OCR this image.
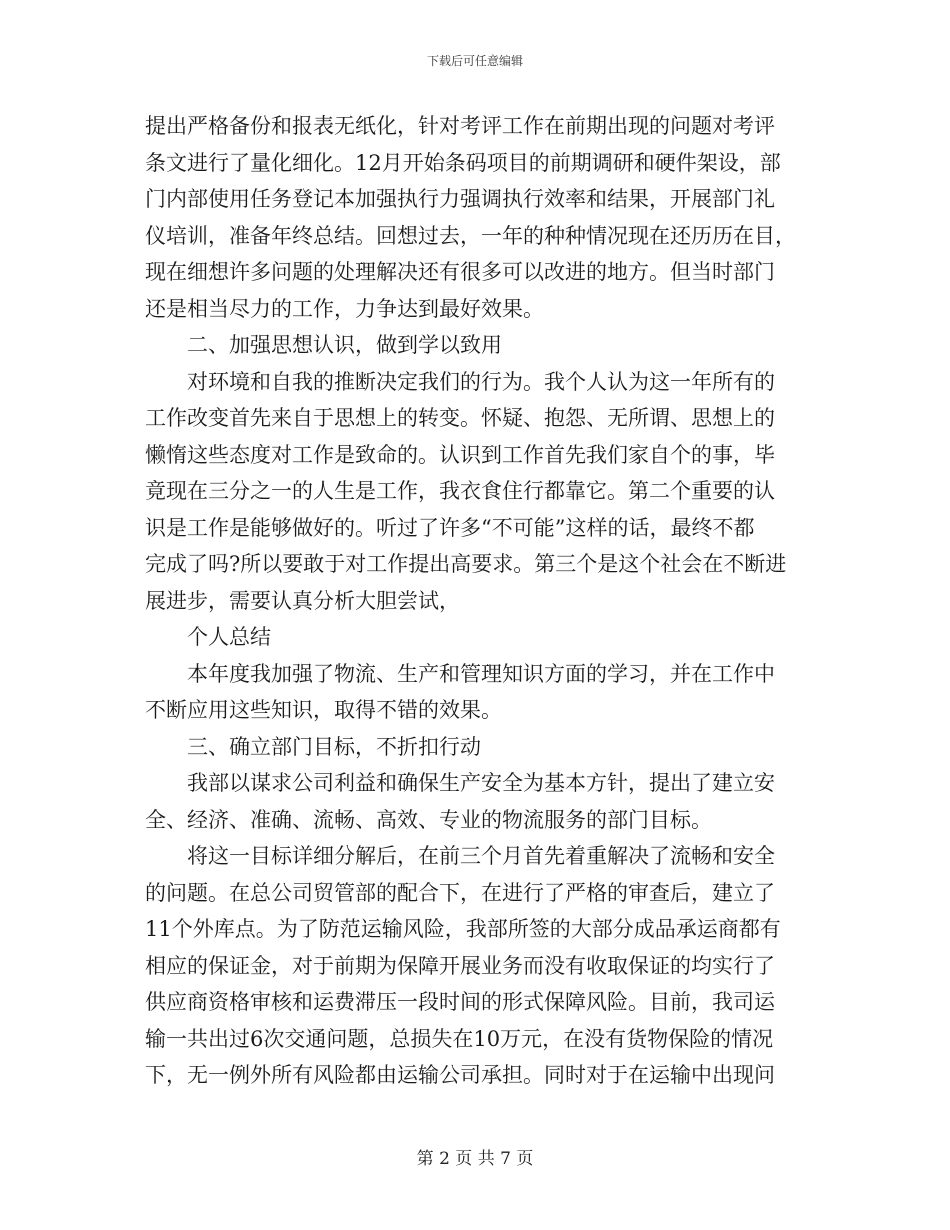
下载后可任意编辑
提出严格备份和报表无纸化，针对考评工作在前期出现的问题对考评
条文进行了量化细化。12月开始条码项目的前期调研和硬件架设，部
门内部使用任务登记本加强执行力强调执行效率和结果，开展部门礼
仪培训，准备年终总结。回想过去，一年的种种情况现在还历历在目，
现在细想许多问题的处理解决还有很多可以改进的地方。但当时部门
还是相当尽力的工作，力争达到最好效果。
二、加强思想认识，做到学以致用
对环境和自我的推断决定我们的行为。我个人认为这一年所有的
工作改变首先来自于思想上的转变。怀疑、抱怨、无所谓、思想上的
懒惰这些态度对工作是致命的。认识到工作首先我们家自个的事，毕
竟现在三分之一的人生是工作，我衣食住行都靠它。第二个重要的认
识是工作是能够做好的。听过了许多“不可能”这样的话，最终不都
完成了吗?所以要敢于对工作提出高要求。第三个是这个社会在不断进
展进步，需要认真分析大胆尝试，
个人总结
本年度我加强了物流、生产和管理知识方面的学习，并在工作中
不断应用这些知识，取得不错的效果。
三、确立部门目标，不折扣行动
我部以谋求公司利益和确保生产安全为基本方针，提出了建立安
全、经济、准确、流畅、高效、专业的物流服务的部门目标。
将这一目标详细分解后，在前三个月首先着重解决了流畅和安全
的问题。在总公司贸管部的配合下，在进行了严格的审查后，建立了
11个外库点。为了防范运输风险，我部所签的大部分成品承运商都有
相应的保证金，对于前期为保障开展业务而没有收取保证的均实行了
供应商资格审核和运费滞压一段时间的形式保障风险。目前，我司运
输一共出过6次交通问题，总损失在10万元，在没有货物保险的情况
下，无一例外所有风险都由运输公司承担。同时对于在运输中出现问
第 2 页 共 7 页
